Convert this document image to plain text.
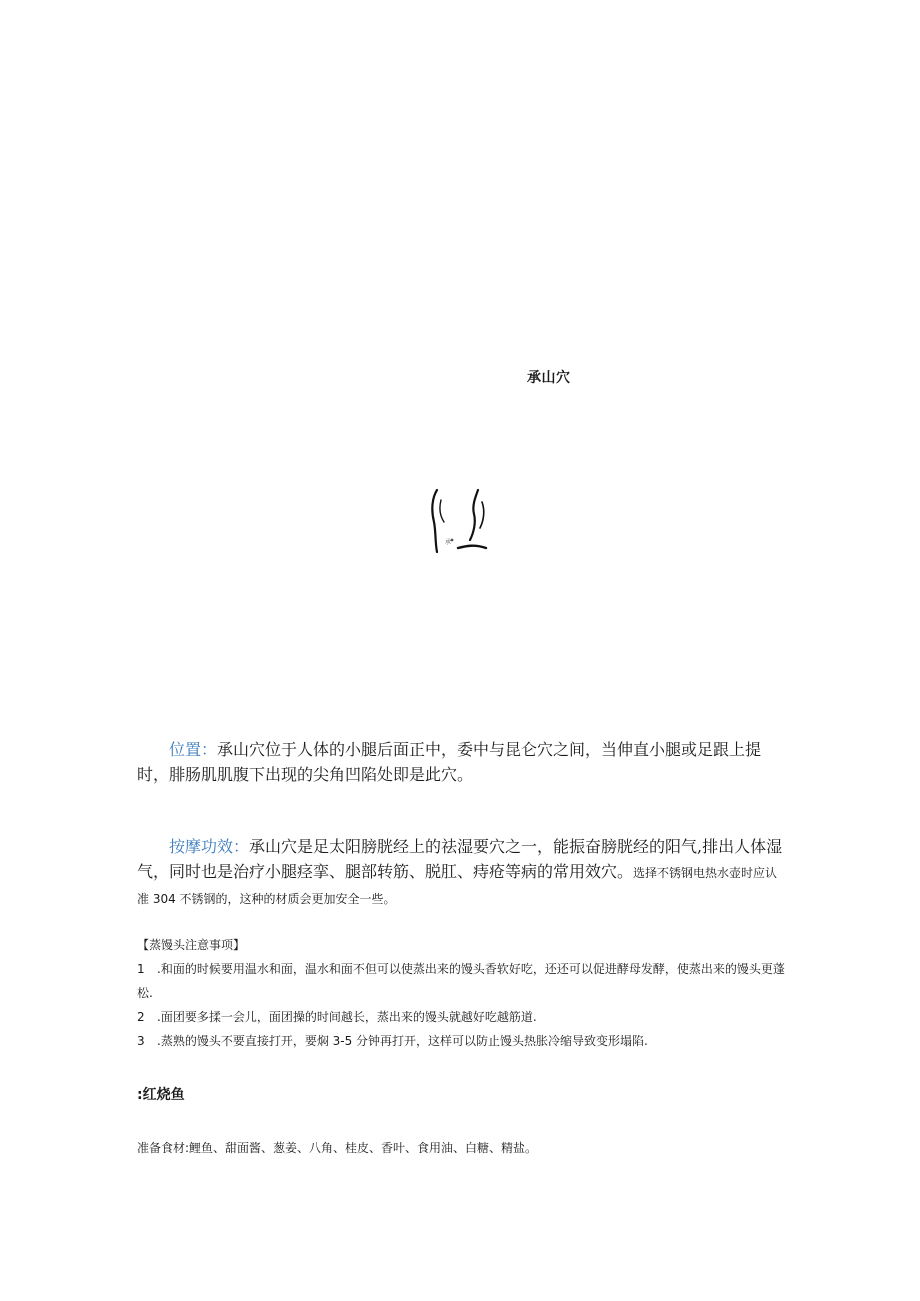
承山穴
承

位置：承山穴位于人体的小腿后面正中，委中与昆仑穴之间，当伸直小腿或足跟上提时，腓肠肌肌腹下出现的尖角凹陷处即是此穴。

按摩功效：承山穴是足太阳膀胱经上的祛湿要穴之一，能振奋膀胱经的阳气,排出人体湿气，同时也是治疗小腿痉挛、腿部转筋、脱肛、痔疮等病的常用效穴。选择不锈钢电热水壶时应认准 304 不锈钢的，这种的材质会更加安全一些。

【蒸馒头注意事项】
1 .和面的时候要用温水和面，温水和面不但可以使蒸出来的馒头香软好吃，还还可以促进酵母发酵，使蒸出来的馒头更蓬松.
2 .面团要多揉一会儿，面团操的时间越长，蒸出来的馒头就越好吃越筋道.
3 .蒸熟的馒头不要直接打开，要焖 3-5 分钟再打开，这样可以防止馒头热胀冷缩导致变形塌陷.
:红烧鱼
准备食材:鲤鱼、甜面酱、葱姜、八角、桂皮、香叶、食用油、白糖、精盐。
